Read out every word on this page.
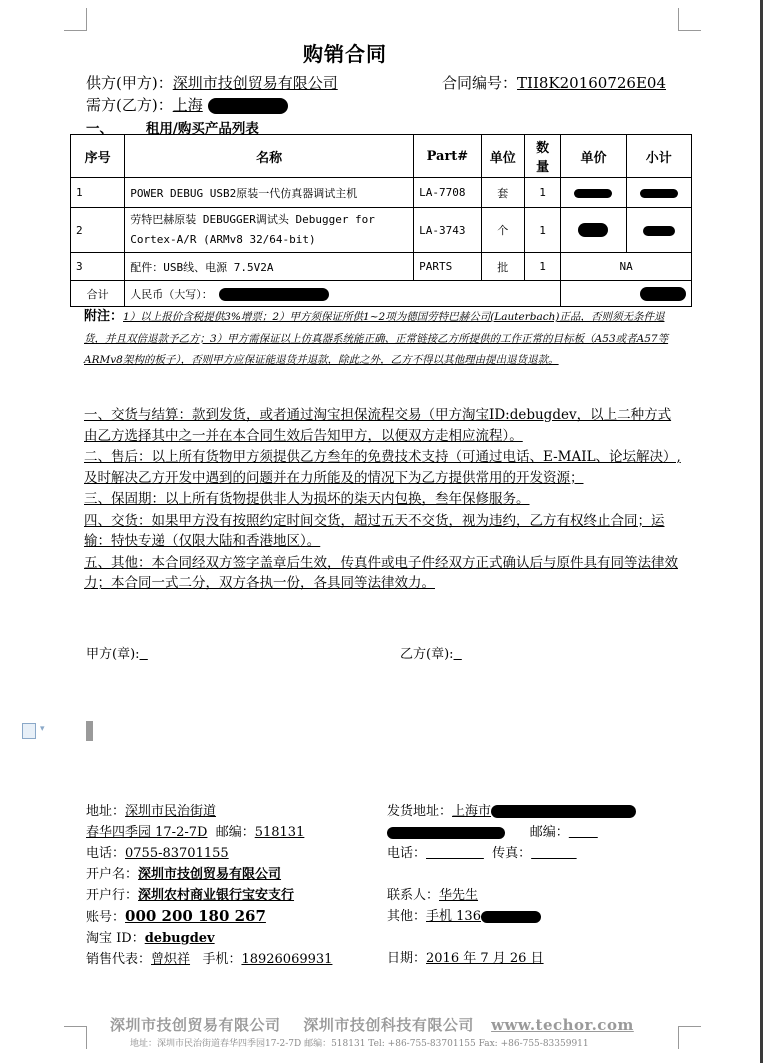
购销合同
供方(甲方)：深圳市技创贸易有限公司	合同编号：TII8K20160726E04
需方(乙方)：上海
一、       租用/购买产品列表
序号	名称	Part#	单位	数量	单价	小计
1	POWER DEBUG USB2原装一代仿真器调试主机	LA-7708	套	1		
2	劳特巴赫原装 DEBUGGER调试头 Debugger for Cortex-A/R (ARMv8 32/64-bit)	LA-3743	个	1		
3	配件：USB线、电源 7.5V2A	PARTS	批	1	NA	
合计	人民币（大写）：					
附注：1）以上报价含税提供3%增票；2）甲方须保证所供1~2项为德国劳特巴赫公司(Lauterbach)正品，否则须无条件退货，并且双倍退款予乙方；3）甲方需保证以上仿真器系统能正确、正常链接乙方所提供的工作正常的目标板（A53或者A57等ARMv8架构的板子），否则甲方应保证能退货并退款，除此之外，乙方不得以其他理由提出退货退款。

一、交货与结算：款到发货，或者通过淘宝担保流程交易（甲方淘宝ID:debugdev，以上二种方式由乙方选择其中之一并在本合同生效后告知甲方，以便双方走相应流程）。

二、售后：以上所有货物甲方须提供乙方叁年的免费技术支持（可通过电话、E-MAIL、论坛解决）,及时解决乙方开发中遇到的问题并在力所能及的情况下为乙方提供常用的开发资源；

三、保固期：以上所有货物提供非人为损坏的柒天内包换，叁年保修服务。

四、交货：如果甲方没有按照约定时间交货，超过五天不交货，视为违约，乙方有权终止合同；运输：特快专递（仅限大陆和香港地区）。

五、其他：本合同经双方签字盖章后生效，传真件或电子件经双方正式确认后与原件具有同等法律效力；本合同一式二分，双方各执一份，各具同等法律效力。

甲方(章):	乙方(章):
▾
地址：深圳市民治街道
春华四季园 17-2-7D 邮编：518131
电话：0755-83701155
开户名：深圳市技创贸易有限公司
开户行：深圳农村商业银行宝安支行
账号：000 200 180 267
淘宝 ID：debugdev
销售代表：曾炽祥 手机：18926069931
发货地址：上海市
邮编：
电话：	传真：

联系人：华先生
其他：手机 136

日期：2016 年 7 月 26 日
深圳市技创贸易有限公司 深圳市技创科技有限公司 www.techor.com
地址：深圳市民治街道春华四季园17-2-7D 邮编：518131 Tel: +86-755-83701155 Fax: +86-755-83359911
